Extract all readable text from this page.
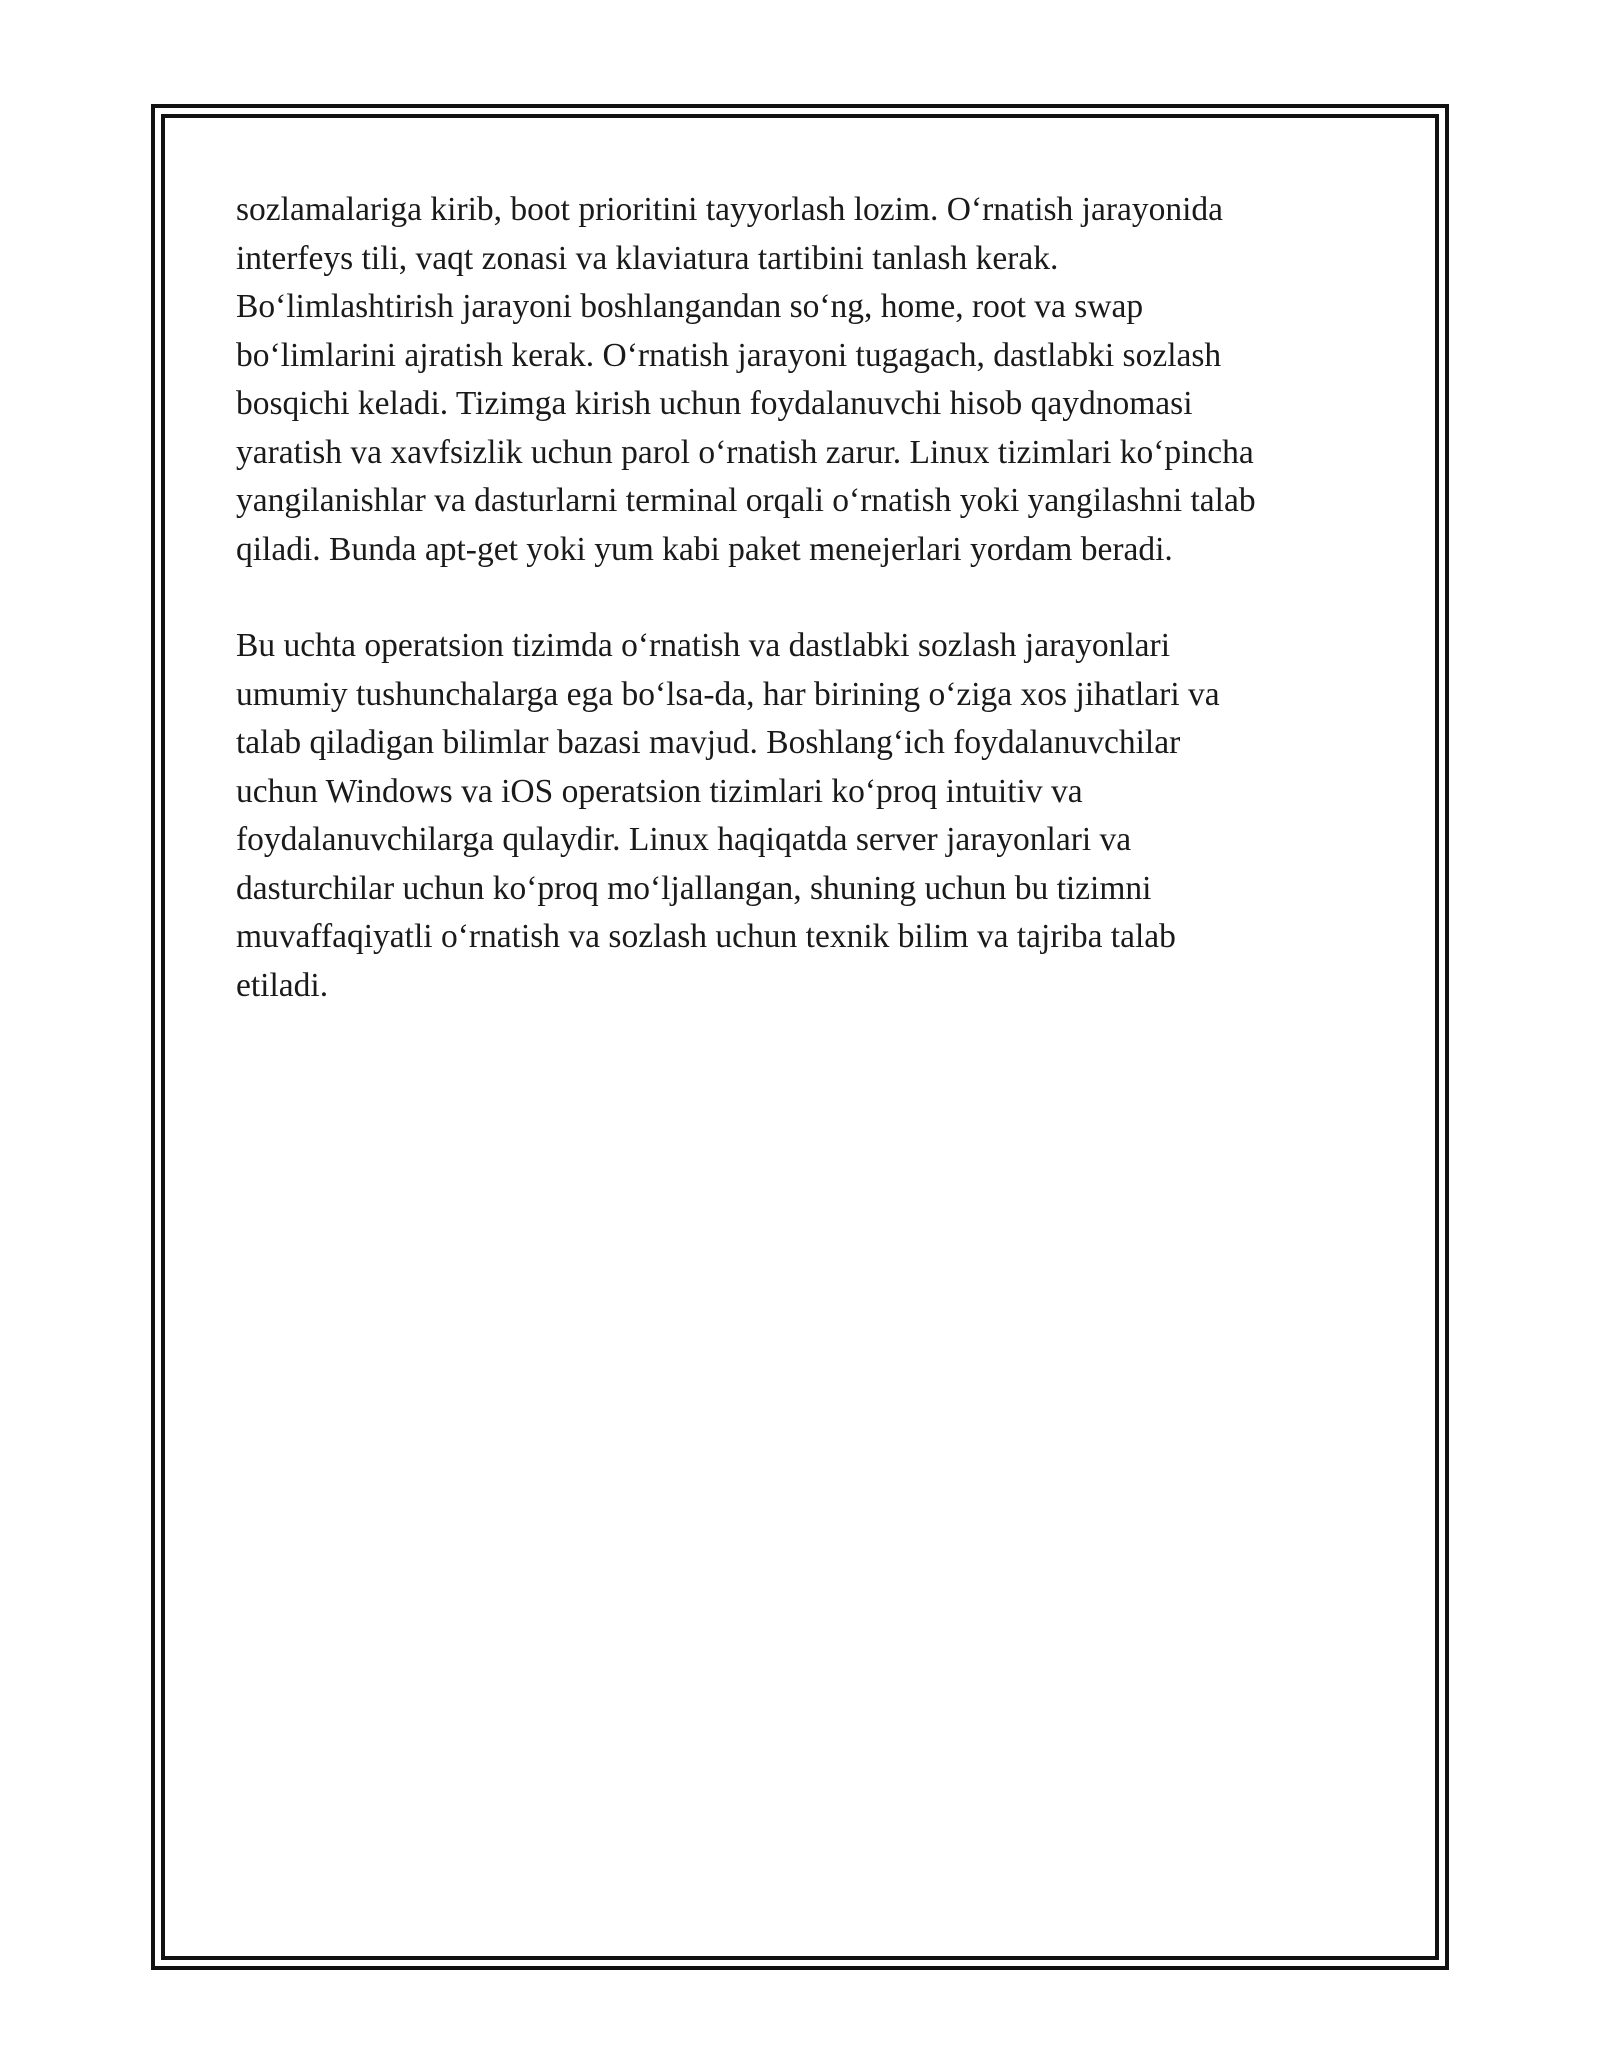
sozlamalariga kirib, boot prioritini tayyorlash lozim. O‘rnatish jarayonida
interfeys tili, vaqt zonasi va klaviatura tartibini tanlash kerak.
Bo‘limlashtirish jarayoni boshlangandan so‘ng, home, root va swap
bo‘limlarini ajratish kerak. O‘rnatish jarayoni tugagach, dastlabki sozlash
bosqichi keladi. Tizimga kirish uchun foydalanuvchi hisob qaydnomasi
yaratish va xavfsizlik uchun parol o‘rnatish zarur. Linux tizimlari ko‘pincha
yangilanishlar va dasturlarni terminal orqali o‘rnatish yoki yangilashni talab
qiladi. Bunda apt-get yoki yum kabi paket menejerlari yordam beradi.

Bu uchta operatsion tizimda o‘rnatish va dastlabki sozlash jarayonlari
umumiy tushunchalarga ega bo‘lsa-da, har birining o‘ziga xos jihatlari va
talab qiladigan bilimlar bazasi mavjud. Boshlang‘ich foydalanuvchilar
uchun Windows va iOS operatsion tizimlari ko‘proq intuitiv va
foydalanuvchilarga qulaydir. Linux haqiqatda server jarayonlari va
dasturchilar uchun ko‘proq mo‘ljallangan, shuning uchun bu tizimni
muvaffaqiyatli o‘rnatish va sozlash uchun texnik bilim va tajriba talab
etiladi.
